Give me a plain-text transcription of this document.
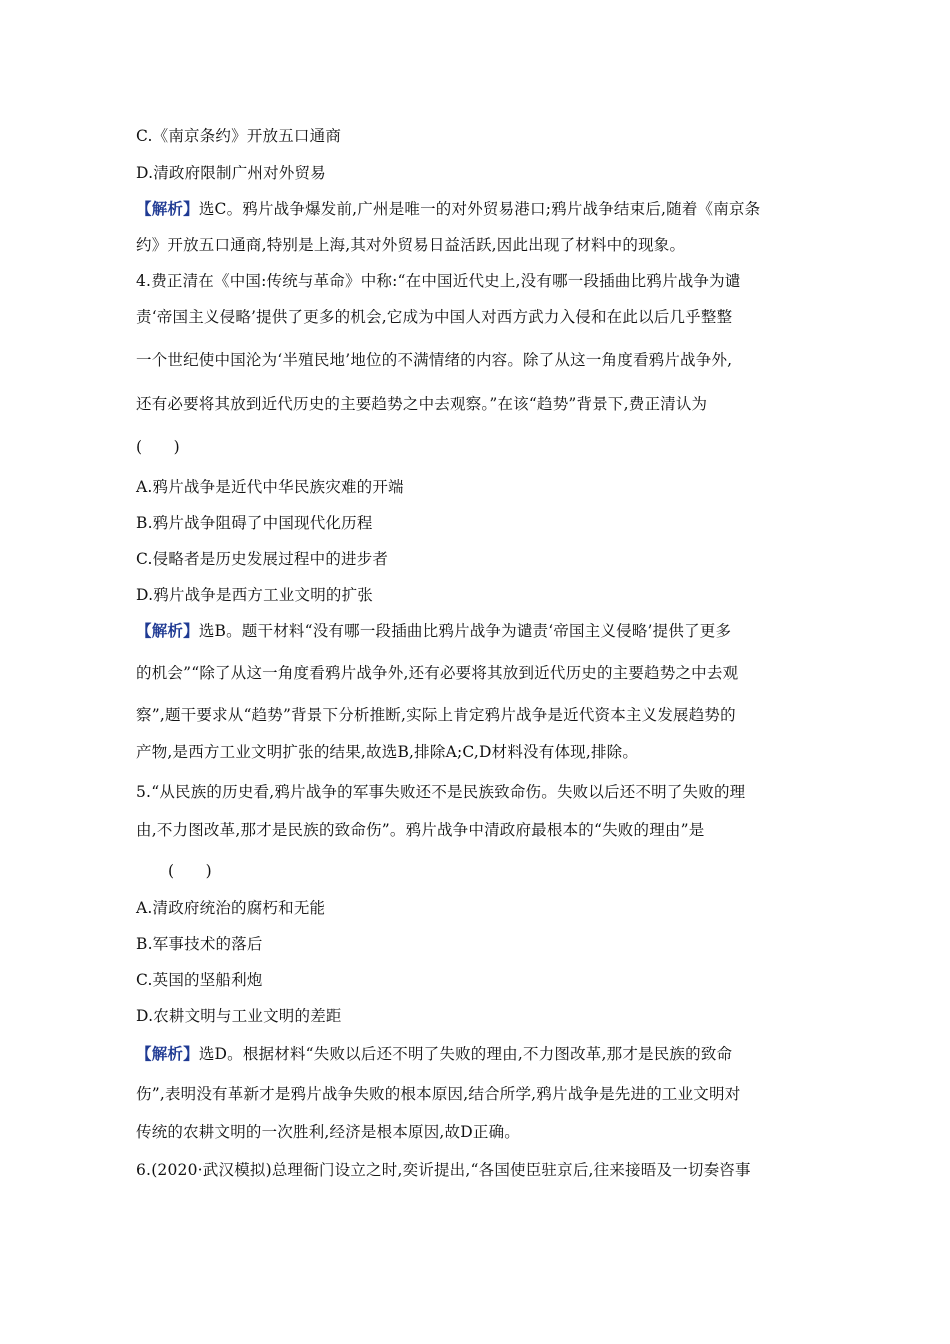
C.《南京条约》开放五口通商
D.清政府限制广州对外贸易
【解析】选C。鸦片战争爆发前,广州是唯一的对外贸易港口;鸦片战争结束后,随着《南京条
约》开放五口通商,特别是上海,其对外贸易日益活跃,因此出现了材料中的现象。
4.费正清在《中国:传统与革命》中称:“在中国近代史上,没有哪一段插曲比鸦片战争为谴
责‘帝国主义侵略’提供了更多的机会,它成为中国人对西方武力入侵和在此以后几乎整整
一个世纪使中国沦为‘半殖民地’地位的不满情绪的内容。除了从这一角度看鸦片战争外,
还有必要将其放到近代历史的主要趋势之中去观察。”在该“趋势”背景下,费正清认为
(　　)
A.鸦片战争是近代中华民族灾难的开端
B.鸦片战争阻碍了中国现代化历程
C.侵略者是历史发展过程中的进步者
D.鸦片战争是西方工业文明的扩张
【解析】选B。题干材料“没有哪一段插曲比鸦片战争为谴责‘帝国主义侵略’提供了更多
的机会”“除了从这一角度看鸦片战争外,还有必要将其放到近代历史的主要趋势之中去观
察”,题干要求从“趋势”背景下分析推断,实际上肯定鸦片战争是近代资本主义发展趋势的
产物,是西方工业文明扩张的结果,故选B,排除A;C,D材料没有体现,排除。
5.“从民族的历史看,鸦片战争的军事失败还不是民族致命伤。失败以后还不明了失败的理
由,不力图改革,那才是民族的致命伤”。鸦片战争中清政府最根本的“失败的理由”是
(　　)
A.清政府统治的腐朽和无能
B.军事技术的落后
C.英国的坚船利炮
D.农耕文明与工业文明的差距
【解析】选D。根据材料“失败以后还不明了失败的理由,不力图改革,那才是民族的致命
伤”,表明没有革新才是鸦片战争失败的根本原因,结合所学,鸦片战争是先进的工业文明对
传统的农耕文明的一次胜利,经济是根本原因,故D正确。
6.(2020·武汉模拟)总理衙门设立之时,奕䜣提出,“各国使臣驻京后,往来接晤及一切奏咨事
